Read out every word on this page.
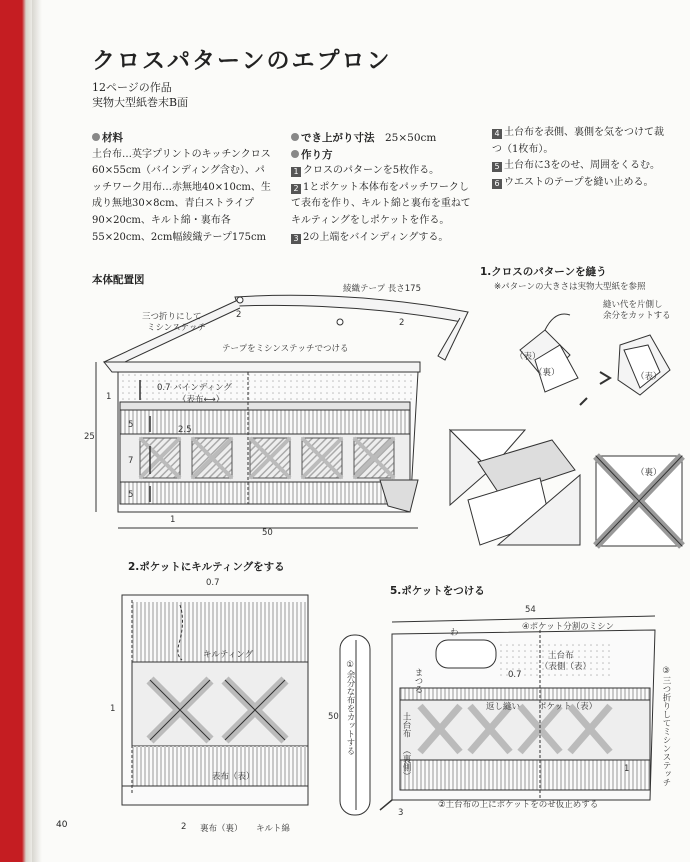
クロスパターンのエプロン
12ページの作品
実物大型紙巻末B面
材料
土台布…英字プリントのキッチンクロス60×55cm（バインディング含む）、パッチワーク用布…赤無地40×10cm、生成り無地30×8cm、青白ストライプ90×20cm、キルト綿・裏布各55×20cm、2cm幅綾織テープ175cm
でき上がり寸法　 25×50cm
作り方
1 クロスのパターンを5枚作る。
2 1とポケット本体布をパッチワークして表布を作り、キルト綿と裏布を重ねてキルティングをしポケットを作る。
3 2の上端をバインディングする。
4 土台布を表側、裏側を気をつけて裁つ（1枚布）。
5 土台布に3をのせ、周囲をくるむ。
6 ウエストのテープを縫い止める。
本体配置図
綾織テープ 長さ175
三つ折りにして
ミシンステッチ
テープをミシンステッチでつける
0.7 バインディング
（表布⟷）
2
2
1
25
5
7
5
2.5
1
50
1.クロスのパターンを縫う
※パターンの大きさは実物大型紙を参照
縫い代を片側し
余分をカットする
（表）
（裏）	（表）
（裏）
2.ポケットにキルティングをする
0.7
キルティング
1
表布（表）
2 裏布（裏） キルト綿
5.ポケットをつける
54
50 ①余分な布をカットする
④ポケット分割のミシン
わ
土台布
（表側（表）
0.7
返し縫い ポケット（表）
土台布
（裏側）
まつる
1
3
②土台布の上にポケットをのせ仮止めする
③三つ折りしてミシンステッチ
40
